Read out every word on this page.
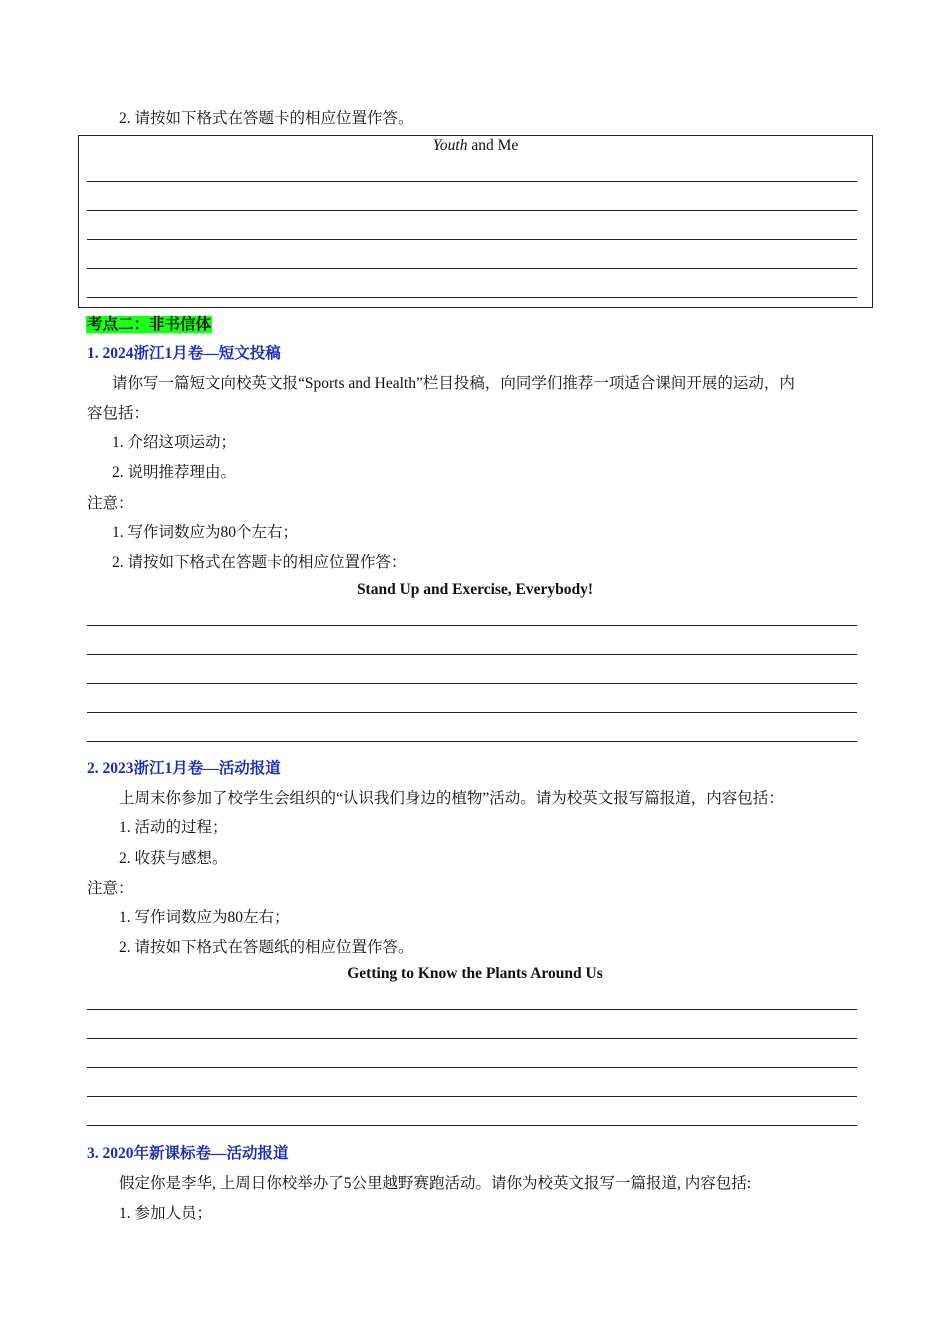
2. 请按如下格式在答题卡的相应位置作答。
Youth and Me
考点二：非书信体
1. 2024浙江1月卷—短文投稿
请你写一篇短文向校英文报“Sports and Health”栏目投稿，向同学们推荐一项适合课间开展的运动，内
容包括：
1. 介绍这项运动；
2. 说明推荐理由。
注意：
1. 写作词数应为80个左右；
2. 请按如下格式在答题卡的相应位置作答：
Stand Up and Exercise, Everybody!
2. 2023浙江1月卷—活动报道
上周末你参加了校学生会组织的“认识我们身边的植物”活动。请为校英文报写篇报道，内容包括：
1. 活动的过程；
2. 收获与感想。
注意：
1. 写作词数应为80左右；
2. 请按如下格式在答题纸的相应位置作答。
Getting to Know the Plants Around Us
3. 2020年新课标卷—活动报道
假定你是李华, 上周日你校举办了5公里越野赛跑活动。请你为校英文报写一篇报道, 内容包括:
1. 参加人员；
